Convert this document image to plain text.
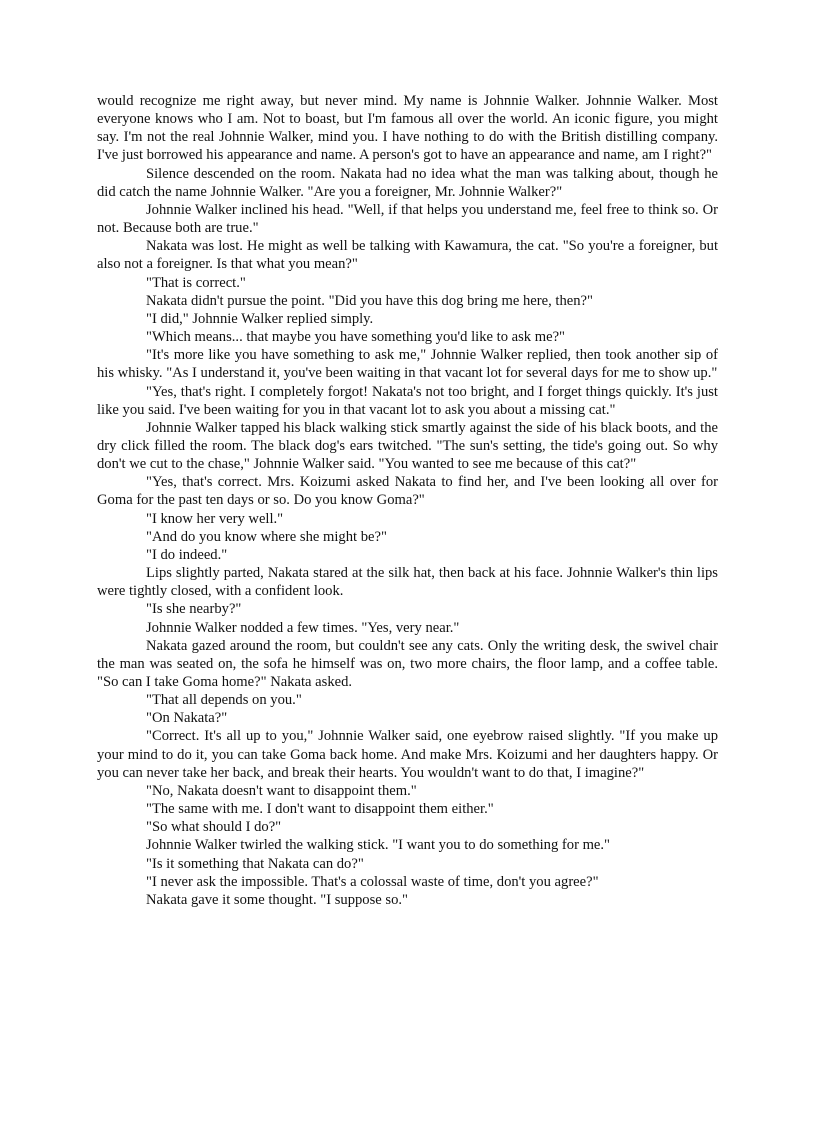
would recognize me right away, but never mind. My name is Johnnie Walker. Johnnie Walker. Most everyone knows who I am. Not to boast, but I'm famous all over the world. An iconic figure, you might say. I'm not the real Johnnie Walker, mind you. I have nothing to do with the British distilling company. I've just borrowed his appearance and name. A person's got to have an appearance and name, am I right?"

Silence descended on the room. Nakata had no idea what the man was talking about, though he did catch the name Johnnie Walker. "Are you a foreigner, Mr. Johnnie Walker?"

Johnnie Walker inclined his head. "Well, if that helps you understand me, feel free to think so. Or not. Because both are true."

Nakata was lost. He might as well be talking with Kawamura, the cat. "So you're a foreigner, but also not a foreigner. Is that what you mean?"

"That is correct."

Nakata didn't pursue the point. "Did you have this dog bring me here, then?"

"I did," Johnnie Walker replied simply.

"Which means... that maybe you have something you'd like to ask me?"

"It's more like you have something to ask me," Johnnie Walker replied, then took another sip of his whisky. "As I understand it, you've been waiting in that vacant lot for several days for me to show up."

"Yes, that's right. I completely forgot! Nakata's not too bright, and I forget things quickly. It's just like you said. I've been waiting for you in that vacant lot to ask you about a missing cat."

Johnnie Walker tapped his black walking stick smartly against the side of his black boots, and the dry click filled the room. The black dog's ears twitched. "The sun's setting, the tide's going out. So why don't we cut to the chase," Johnnie Walker said. "You wanted to see me because of this cat?"

"Yes, that's correct. Mrs. Koizumi asked Nakata to find her, and I've been looking all over for Goma for the past ten days or so. Do you know Goma?"

"I know her very well."

"And do you know where she might be?"

"I do indeed."

Lips slightly parted, Nakata stared at the silk hat, then back at his face. Johnnie Walker's thin lips were tightly closed, with a confident look.

"Is she nearby?"

Johnnie Walker nodded a few times. "Yes, very near."

Nakata gazed around the room, but couldn't see any cats. Only the writing desk, the swivel chair the man was seated on, the sofa he himself was on, two more chairs, the floor lamp, and a coffee table. "So can I take Goma home?" Nakata asked.

"That all depends on you."

"On Nakata?"

"Correct. It's all up to you," Johnnie Walker said, one eyebrow raised slightly. "If you make up your mind to do it, you can take Goma back home. And make Mrs. Koizumi and her daughters happy. Or you can never take her back, and break their hearts. You wouldn't want to do that, I imagine?"

"No, Nakata doesn't want to disappoint them."

"The same with me. I don't want to disappoint them either."

"So what should I do?"

Johnnie Walker twirled the walking stick. "I want you to do something for me."

"Is it something that Nakata can do?"

"I never ask the impossible. That's a colossal waste of time, don't you agree?"

Nakata gave it some thought. "I suppose so."
